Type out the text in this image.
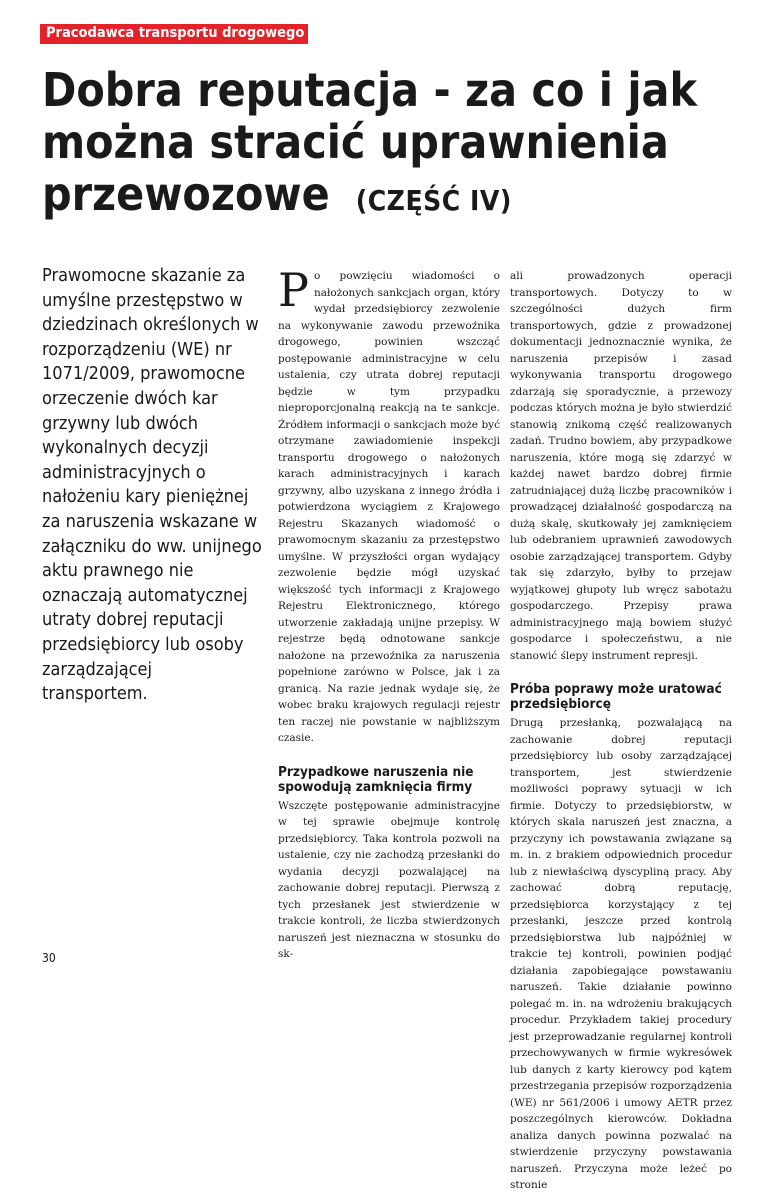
Pracodawca transportu drogowego
Dobra reputacja - za co i jak
można stracić uprawnienia
przewozowe (CZĘŚĆ IV)

Prawomocne skazanie za umyślne przestępstwo w dziedzinach określonych w rozporządzeniu (WE) nr 1071/2009, prawomocne orzeczenie dwóch kar grzywny lub dwóch wykonalnych decyzji administracyjnych o nałożeniu kary pieniężnej za naruszenia wskazane w załączniku do ww. unijnego aktu prawnego nie oznaczają automatycznej utraty dobrej reputacji przedsiębiorcy lub osoby zarządzającej transportem.

Po powzięciu wiadomości o nałożonych sankcjach organ, który wydał przedsiębiorcy zezwolenie na wykonywanie zawodu przewoźnika drogowego, powinien wszcząć postępowanie administracyjne w celu ustalenia, czy utrata dobrej reputacji będzie w tym przypadku nieproporcjonalną reakcją na te sankcje. Źródłem informacji o sankcjach może być otrzymane zawiadomienie inspekcji transportu drogowego o nałożonych karach administracyjnych i karach grzywny, albo uzyskana z innego źródła i potwierdzona wyciągiem z Krajowego Rejestru Skazanych wiadomość o prawomocnym skazaniu za przestępstwo umyślne. W przyszłości organ wydający zezwolenie będzie mógł uzyskać większość tych informacji z Krajowego Rejestru Elektronicznego, którego utworzenie zakładają unijne przepisy. W rejestrze będą odnotowane sankcje nałożone na przewoźnika za naruszenia popełnione zarówno w Polsce, jak i za granicą. Na razie jednak wydaje się, że wobec braku krajowych regulacji rejestr ten raczej nie powstanie w najbliższym czasie.

Przypadkowe naruszenia nie spowodują zamknięcia firmy

Wszczęte postępowanie administracyjne w tej sprawie obejmuje kontrolę przedsiębiorcy. Taka kontrola pozwoli na ustalenie, czy nie zachodzą przesłanki do wydania decyzji pozwalającej na zachowanie dobrej reputacji. Pierwszą z tych przesłanek jest stwierdzenie w trakcie kontroli, że liczba stwierdzonych naruszeń jest nieznaczna w stosunku do sk-

ali prowadzonych operacji transportowych. Dotyczy to w szczególności dużych firm transportowych, gdzie z prowadzonej dokumentacji jednoznacznie wynika, że naruszenia przepisów i zasad wykonywania transportu drogowego zdarzają się sporadycznie, a przewozy podczas których można je było stwierdzić stanowią znikomą część realizowanych zadań. Trudno bowiem, aby przypadkowe naruszenia, które mogą się zdarzyć w każdej nawet bardzo dobrej firmie zatrudniającej dużą liczbę pracowników i prowadzącej działalność gospodarczą na dużą skalę, skutkowały jej zamknięciem lub odebraniem uprawnień zawodowych osobie zarządzającej transportem. Gdyby tak się zdarzyło, byłby to przejaw wyjątkowej głupoty lub wręcz sabotażu gospodarczego. Przepisy prawa administracyjnego mają bowiem służyć gospodarce i społeczeństwu, a nie stanowić ślepy instrument represji.

Próba poprawy może uratować przedsiębiorcę

Drugą przesłanką, pozwalającą na zachowanie dobrej reputacji przedsiębiorcy lub osoby zarządzającej transportem, jest stwierdzenie możliwości poprawy sytuacji w ich firmie. Dotyczy to przedsiębiorstw, w których skala naruszeń jest znaczna, a przyczyny ich powstawania związane są m. in. z brakiem odpowiednich procedur lub z niewłaściwą dyscypliną pracy. Aby zachować dobrą reputację, przedsiębiorca korzystający z tej przesłanki, jeszcze przed kontrolą przedsiębiorstwa lub najpóźniej w trakcie tej kontroli, powinien podjąć działania zapobiegające powstawaniu naruszeń. Takie działanie powinno polegać m. in. na wdrożeniu brakujących procedur. Przykładem takiej procedury jest przeprowadzanie regularnej kontroli przechowywanych w firmie wykresówek lub danych z karty kierowcy pod kątem przestrzegania przepisów rozporządzenia (WE) nr 561/2006 i umowy AETR przez poszczególnych kierowców. Dokładna analiza danych powinna pozwalać na stwierdzenie przyczyny powstawania naruszeń. Przyczyna może leżeć po stronie

30
